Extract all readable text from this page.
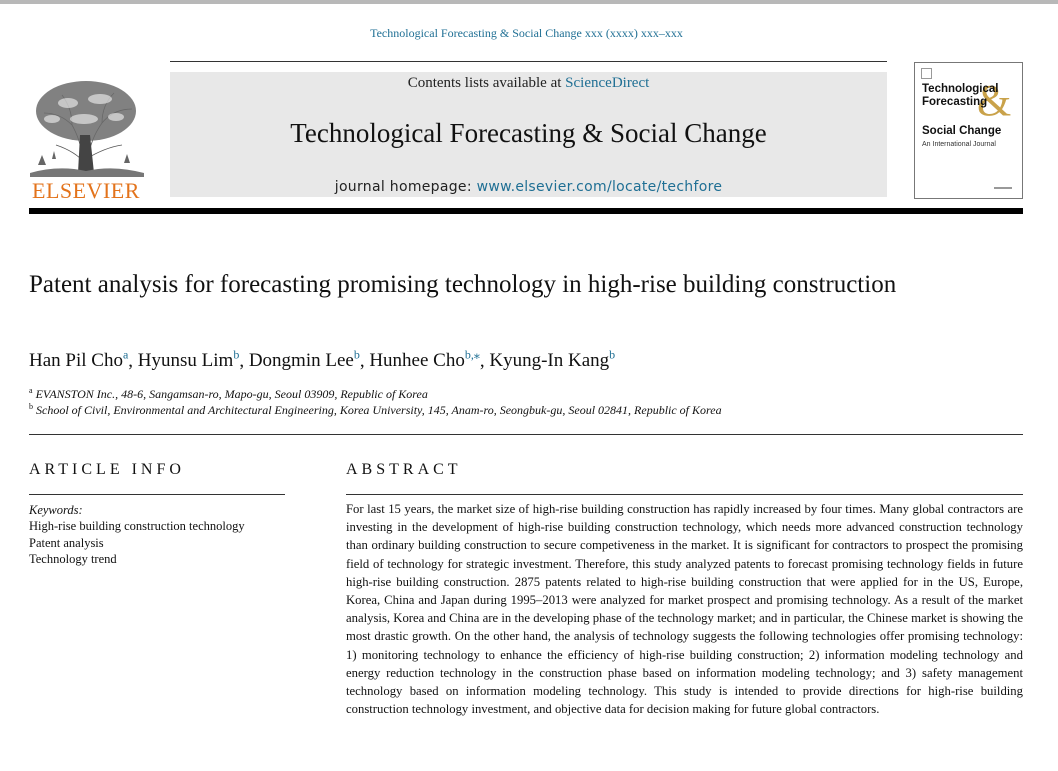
Technological Forecasting & Social Change xxx (xxxx) xxx–xxx
ELSEVIER
Contents lists available at ScienceDirect
Technological Forecasting & Social Change
journal homepage: www.elsevier.com/locate/techfore
&
Technological
Forecasting
Social Change
An International Journal
Patent analysis for forecasting promising technology in high-rise building construction
Han Pil Cho$^a$, Hyunsu Lim$^b$, Dongmin Lee$^b$, Hunhee Cho$^{b,⁎}$, Kyung-In Kang$^b$
$^a$ EVANSTON Inc., 48-6, Sangamsan-ro, Mapo-gu, Seoul 03909, Republic of Korea
$^b$ School of Civil, Environmental and Architectural Engineering, Korea University, 145, Anam-ro, Seongbuk-gu, Seoul 02841, Republic of Korea
ARTICLE INFO	ABSTRACT
Keywords:
High-rise building construction technology
Patent analysis
Technology trend

For last 15 years, the market size of high-rise building construction has rapidly increased by four times. Many global contractors are investing in the development of high-rise building construction technology, which needs more advanced construction technology than ordinary building construction to secure competiveness in the market. It is significant for contractors to prospect the promising field of technology for strategic investment. Therefore, this study analyzed patents to forecast promising technology fields in future high-rise building construction. 2875 patents related to high-rise building construction that were applied for in the US, Europe, Korea, China and Japan during 1995–2013 were analyzed for market prospect and promising technology. As a result of the market analysis, Korea and China are in the developing phase of the technology market; and in particular, the Chinese market is showing the most drastic growth. On the other hand, the analysis of technology suggests the following technologies offer promising technology: 1) monitoring technology to enhance the efficiency of high-rise building construction; 2) information modeling technology and energy reduction technology in the construction phase based on information modeling technology; and 3) safety management technology based on information modeling technology. This study is intended to provide directions for high-rise building construction technology investment, and objective data for decision making for future global contractors.
